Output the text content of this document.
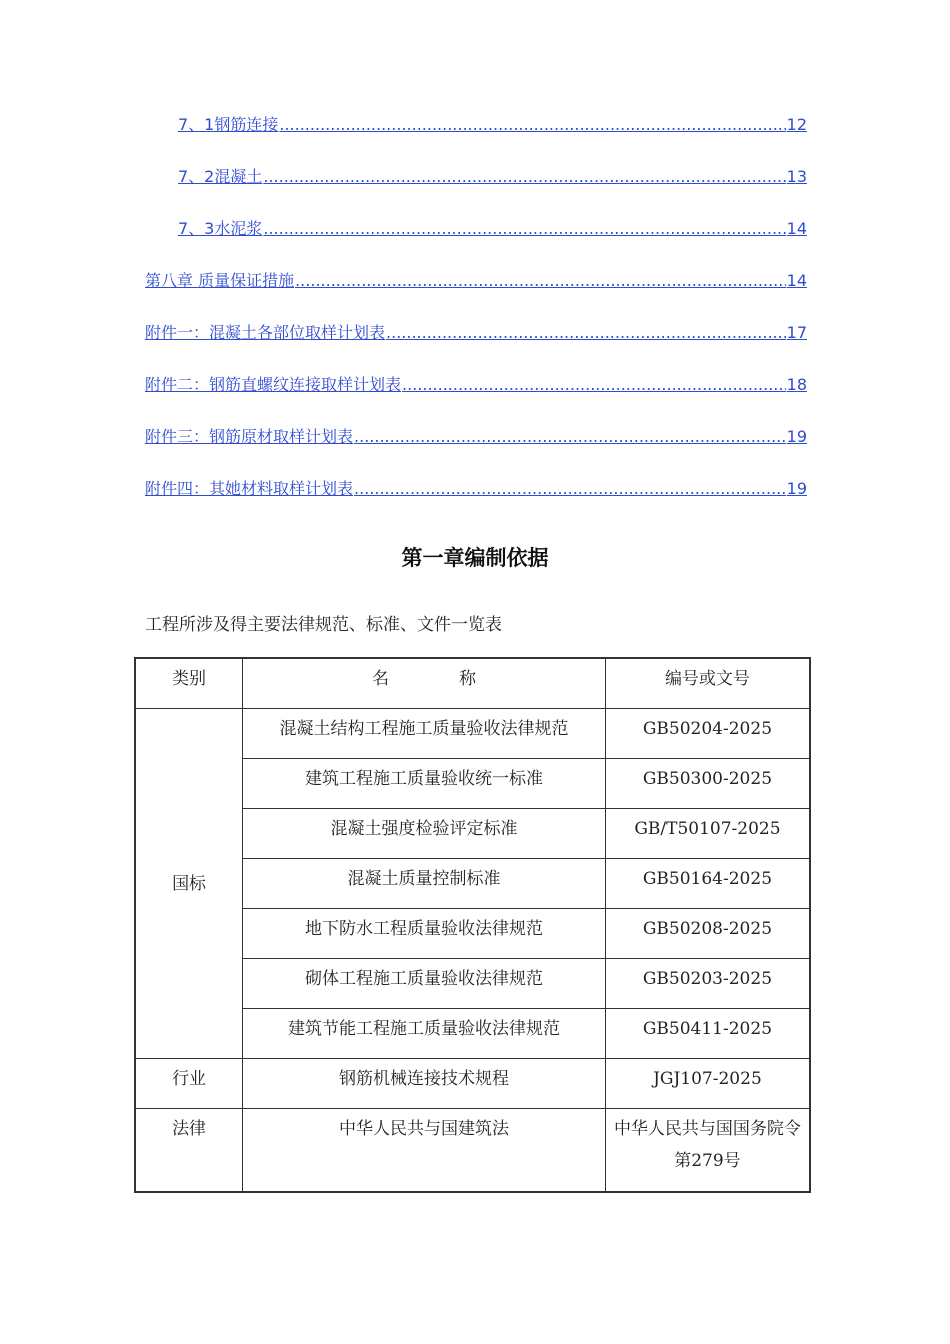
7、1钢筋连接 .....	12
7、2混凝土 .....	13
7、3水泥浆 .....	14
第八章 质量保证措施 .....	14
附件一：混凝土各部位取样计划表 .....	17
附件二：钢筋直螺纹连接取样计划表 .....	18
附件三：钢筋原材取样计划表 .....	19
附件四：其她材料取样计划表 .....	19
第一章编制依据
工程所涉及得主要法律规范、标准、文件一览表
类别	名 称	编号或文号
国标	混凝土结构工程施工质量验收法律规范	GB50204-2025
	建筑工程施工质量验收统一标准	GB50300-2025
	混凝土强度检验评定标准	GB/T50107-2025
	混凝土质量控制标准	GB50164-2025
	地下防水工程质量验收法律规范	GB50208-2025
	砌体工程施工质量验收法律规范	GB50203-2025
	建筑节能工程施工质量验收法律规范	GB50411-2025
行业	钢筋机械连接技术规程	JGJ107-2025
法律	中华人民共与国建筑法	中华人民共与国国务院令第279号
